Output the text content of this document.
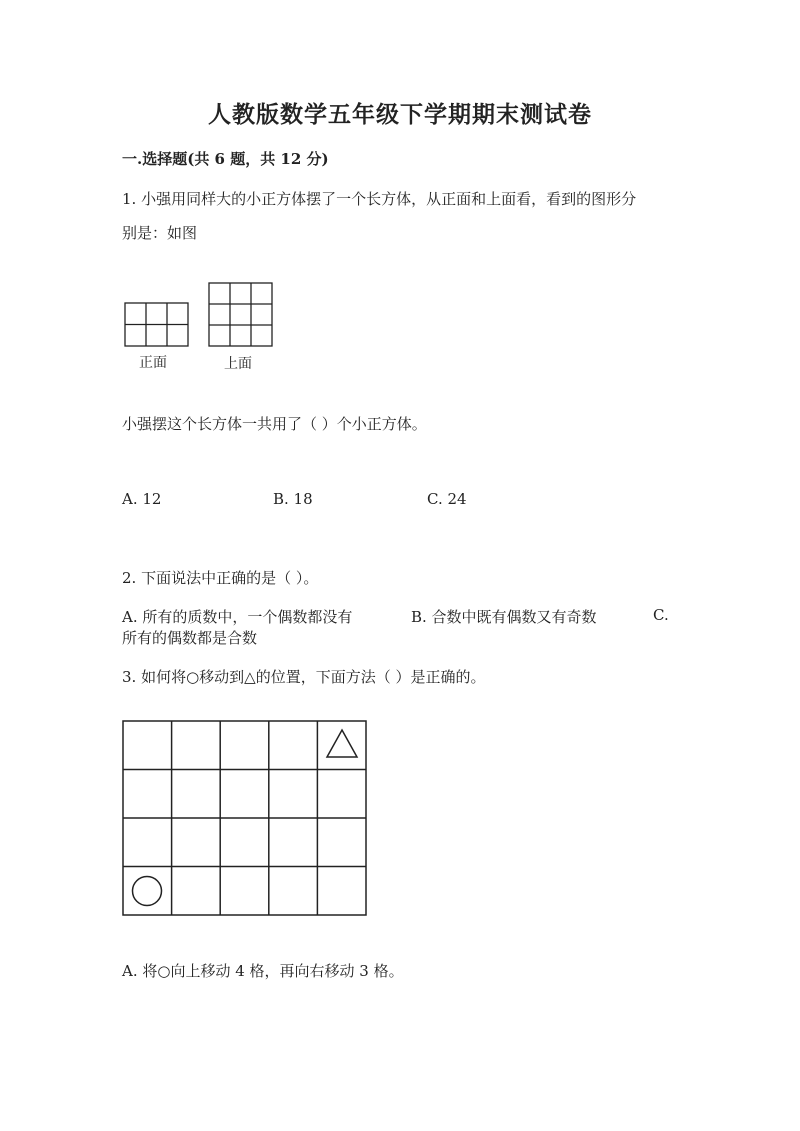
人教版数学五年级下学期期末测试卷
一.选择题(共 6 题，共 12 分)
1. 小强用同样大的小正方体摆了一个长方体，从正面和上面看，看到的图形分
别是：如图
正面	上面
小强摆这个长方体一共用了（ ）个小正方体。
A. 12	B. 18	C. 24
2. 下面说法中正确的是（ ）。
A. 所有的质数中，一个偶数都没有	B. 合数中既有偶数又有奇数	C.
所有的偶数都是合数
3. 如何将○移动到△的位置，下面方法（ ）是正确的。
A. 将○向上移动 4 格，再向右移动 3 格。
